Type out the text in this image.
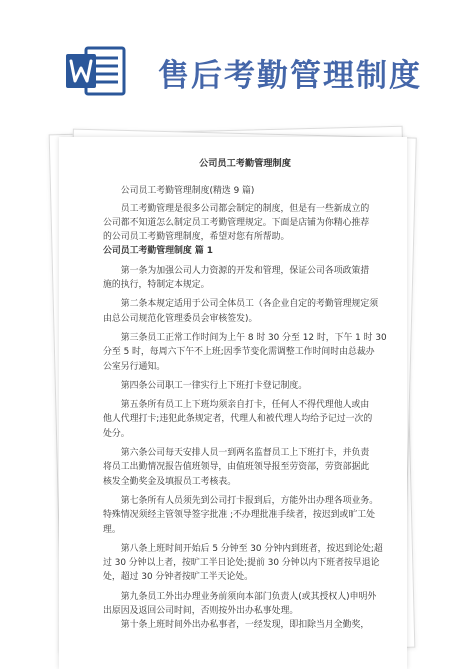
售后考勤管理制度

公司员工考勤管理制度

公司员工考勤管理制度(精选 9 篇)

员工考勤管理是很多公司都会制定的制度，但是有一些新成立的
公司都不知道怎么制定员工考勤管理规定。下面是店铺为你精心推荐
的公司员工考勤管理制度，希望对您有所帮助。

公司员工考勤管理制度 篇 1

第一条为加强公司人力资源的开发和管理，保证公司各项政策措
施的执行，特制定本规定。

第二条本规定适用于公司全体员工（各企业自定的考勤管理规定须
由总公司规范化管理委员会审核签发)。

第三条员工正常工作时间为上午 8 时 30 分至 12 时，下午 1 时 30
分至 5 时，每周六下午不上班;因季节变化需调整工作时间时由总裁办
公室另行通知。

第四条公司职工一律实行上下班打卡登记制度。

第五条所有员工上下班均须亲自打卡，任何人不得代理他人或由
他人代理打卡;违犯此条规定者，代理人和被代理人均给予记过一次的
处分。

第六条公司每天安排人员一到两名监督员工上下班打卡，并负责
将员工出勤情况报告值班领导，由值班领导报至劳资部，劳资部据此
核发全勤奖金及填报员工考核表。

第七条所有人员须先到公司打卡报到后，方能外出办理各项业务。
特殊情况须经主管领导签字批准 ;不办理批准手续者，按迟到或旷工处
理。

第八条上班时间开始后 5 分钟至 30 分钟内到班者，按迟到论处;超
过 30 分钟以上者，按旷工半日论处;提前 30 分钟以内下班者按早退论
处，超过 30 分钟者按旷工半天论处。

第九条员工外出办理业务前须向本部门负责人(或其授权人)申明外
出原因及返回公司时间，否则按外出办私事处理。

第十条上班时间外出办私事者，一经发现，即扣除当月全勤奖，
